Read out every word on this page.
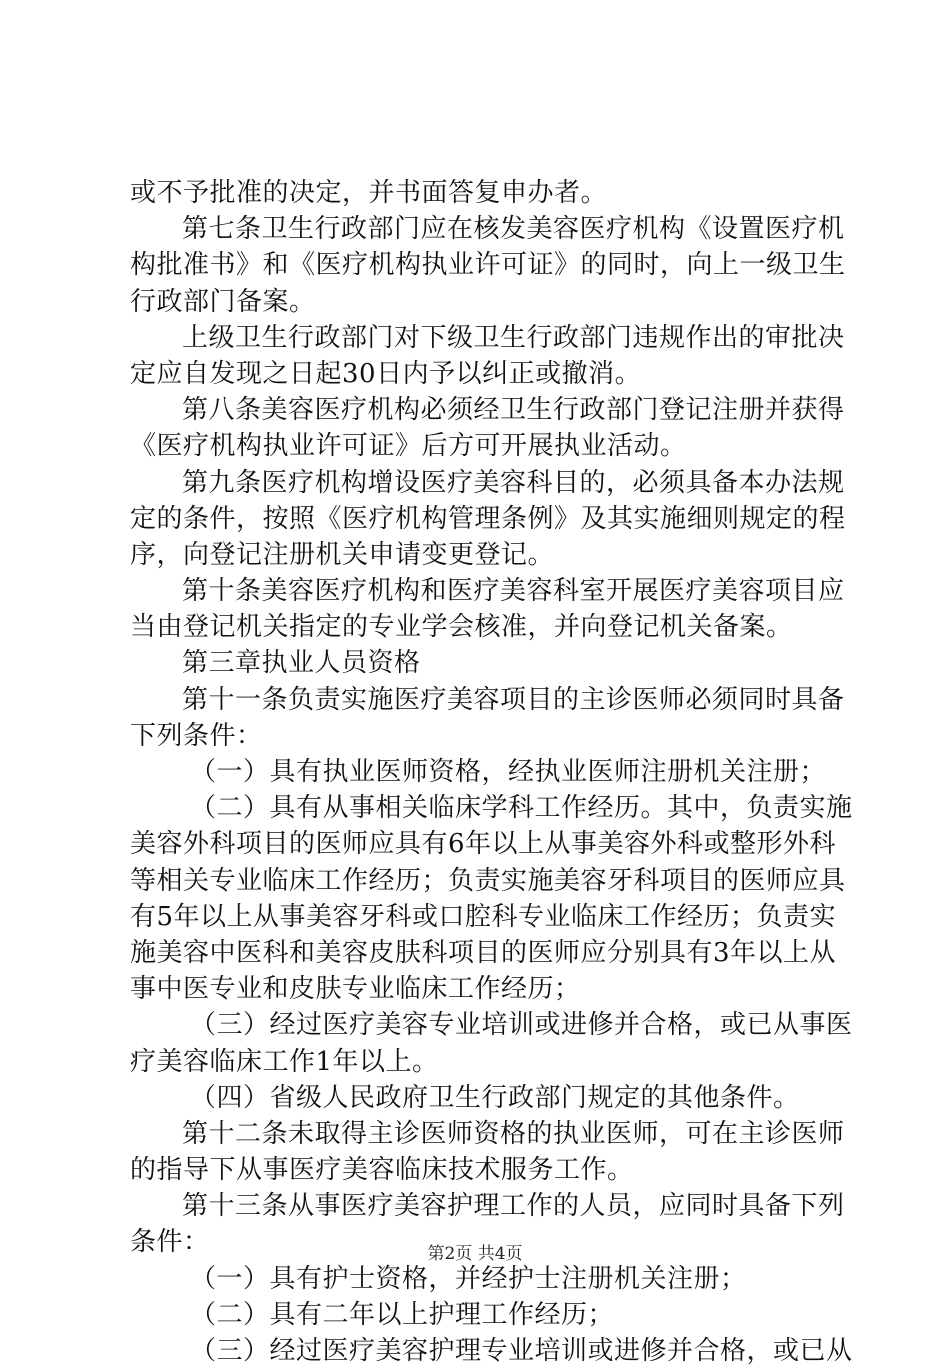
或不予批准的决定，并书面答复申办者。
第七条卫生行政部门应在核发美容医疗机构《设置医疗机
构批准书》和《医疗机构执业许可证》的同时，向上一级卫生
行政部门备案。
上级卫生行政部门对下级卫生行政部门违规作出的审批决
定应自发现之日起30日内予以纠正或撤消。
第八条美容医疗机构必须经卫生行政部门登记注册并获得
《医疗机构执业许可证》后方可开展执业活动。
第九条医疗机构增设医疗美容科目的，必须具备本办法规
定的条件，按照《医疗机构管理条例》及其实施细则规定的程
序，向登记注册机关申请变更登记。
第十条美容医疗机构和医疗美容科室开展医疗美容项目应
当由登记机关指定的专业学会核准，并向登记机关备案。
第三章执业人员资格
第十一条负责实施医疗美容项目的主诊医师必须同时具备
下列条件：
（一）具有执业医师资格，经执业医师注册机关注册；
（二）具有从事相关临床学科工作经历。其中，负责实施
美容外科项目的医师应具有6年以上从事美容外科或整形外科
等相关专业临床工作经历；负责实施美容牙科项目的医师应具
有5年以上从事美容牙科或口腔科专业临床工作经历；负责实
施美容中医科和美容皮肤科项目的医师应分别具有3年以上从
事中医专业和皮肤专业临床工作经历；
（三）经过医疗美容专业培训或进修并合格，或已从事医
疗美容临床工作1年以上。
（四）省级人民政府卫生行政部门规定的其他条件。
第十二条未取得主诊医师资格的执业医师，可在主诊医师
的指导下从事医疗美容临床技术服务工作。
第十三条从事医疗美容护理工作的人员，应同时具备下列
条件：
（一）具有护士资格，并经护士注册机关注册；
（二）具有二年以上护理工作经历；
（三）经过医疗美容护理专业培训或进修并合格，或已从
第2页 共4页
